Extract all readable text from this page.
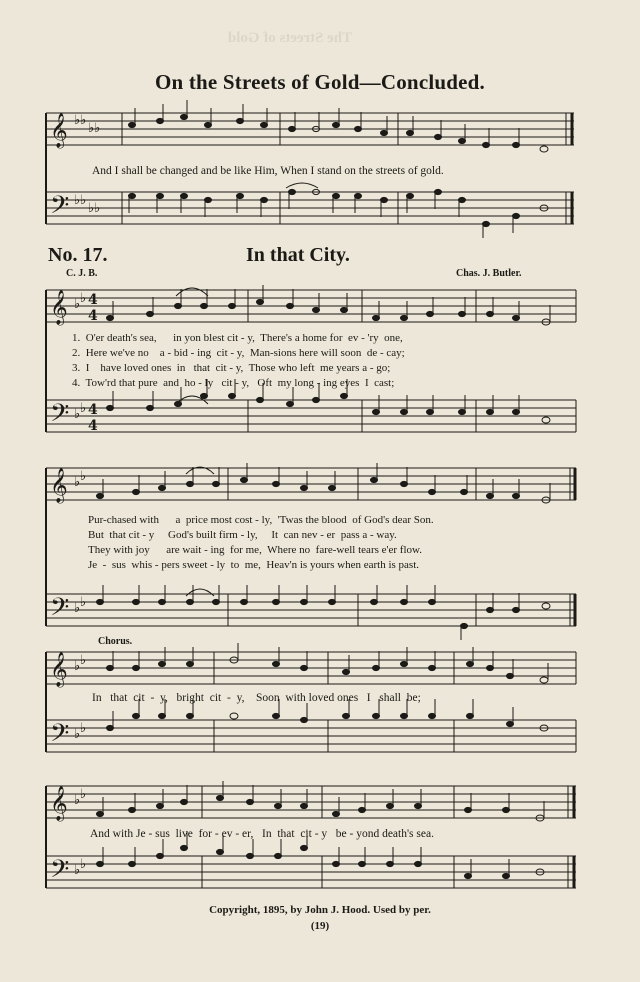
The Streets of Gold
On the Streets of Gold—Concluded.
𝄞
𝄢
𝄞
𝄢
𝄞
𝄢
𝄞
𝄢
𝄞
𝄢
♭♭
♭♭
♭♭
♭♭
♭ ♭
♭ ♭
♭ ♭
♭ ♭
♭ ♭
♭ ♭
♭ ♭
♭ ♭
4
4
4
4
And I shall be changed and be like Him, When I stand on the streets of gold.
No. 17.	In that City.
C. J. B.	Chas. J. Butler.
1.  O'er death's sea,      in yon blest cit - y,  There's a home for  ev - 'ry  one,
2.  Here we've no    a - bid - ing  cit - y,  Man-sions here will soon  de - cay;
3.  I    have loved ones  in   that  cit - y,  Those who left  me years a - go;
4.  Tow'rd that pure  and  ho - ly   cit - y,   Oft  my long - ing eyes  I  cast;
Pur-chased with      a  price most cost - ly,  'Twas the blood  of God's dear Son.
But  that cit - y     God's built firm - ly,     It  can nev - er  pass a - way.
They with joy      are wait - ing  for me,  Where no  fare-well tears e'er flow.
Je  -  sus  whis - pers sweet - ly  to  me,  Heav'n is yours when earth is past.
Chorus.
In   that  cit  -  y,   bright  cit  -  y,    Soon  with loved ones   I   shall  be;
And with Je - sus  live  for - ev - er,   In  that  cit - y   be - yond death's sea.
Copyright, 1895, by John J. Hood. Used by per.
(19)
